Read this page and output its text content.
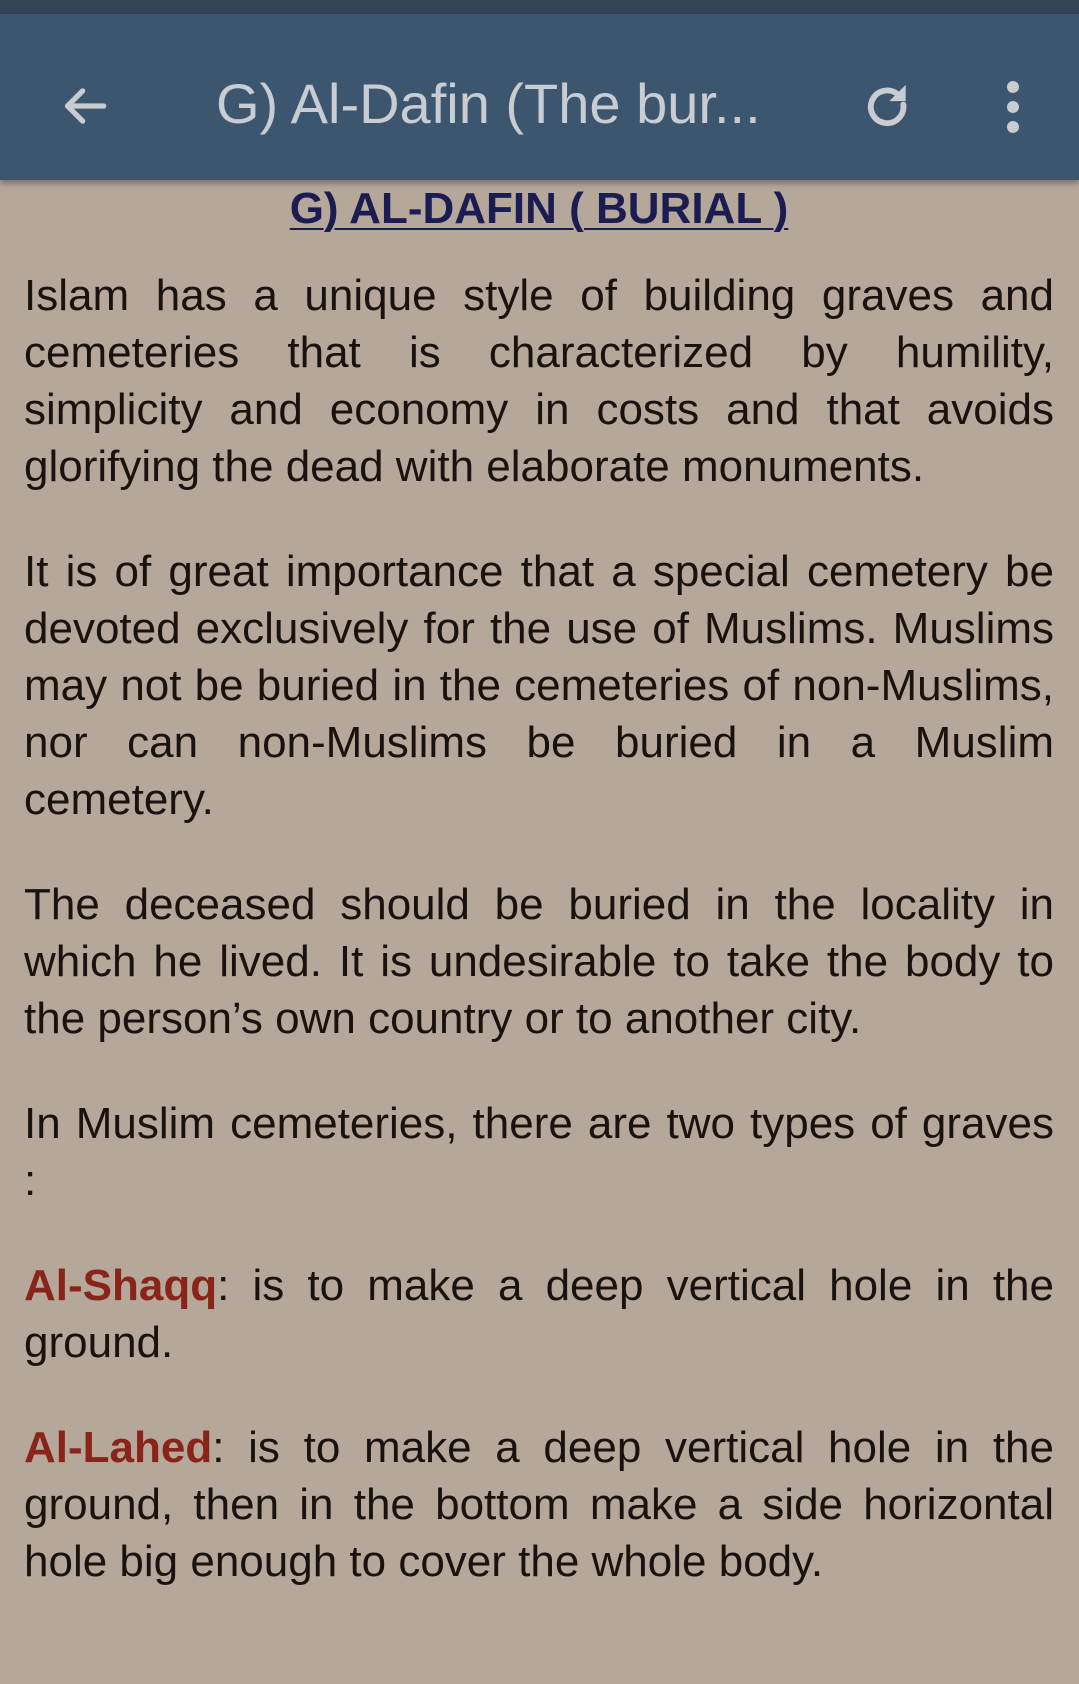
G) Al-Dafin (The bur...
G) AL-DAFIN ( BURIAL )

Islam has a unique style of building graves and cemeteries that is characterized by humility, simplicity and economy in costs and that avoids glorifying the dead with elaborate monuments.

It is of great importance that a special cemetery be devoted exclusively for the use of Muslims. Muslims may not be buried in the cemeteries of non-Muslims, nor can non-Muslims be buried in a Muslim cemetery.

The deceased should be buried in the locality in which he lived. It is undesirable to take the body to the person’s own country or to another city.

In Muslim cemeteries, there are two types of graves :

Al-Shaqq: is to make a deep vertical hole in the ground.

Al-Lahed: is to make a deep vertical hole in the ground, then in the bottom make a side horizontal hole big enough to cover the whole body.
